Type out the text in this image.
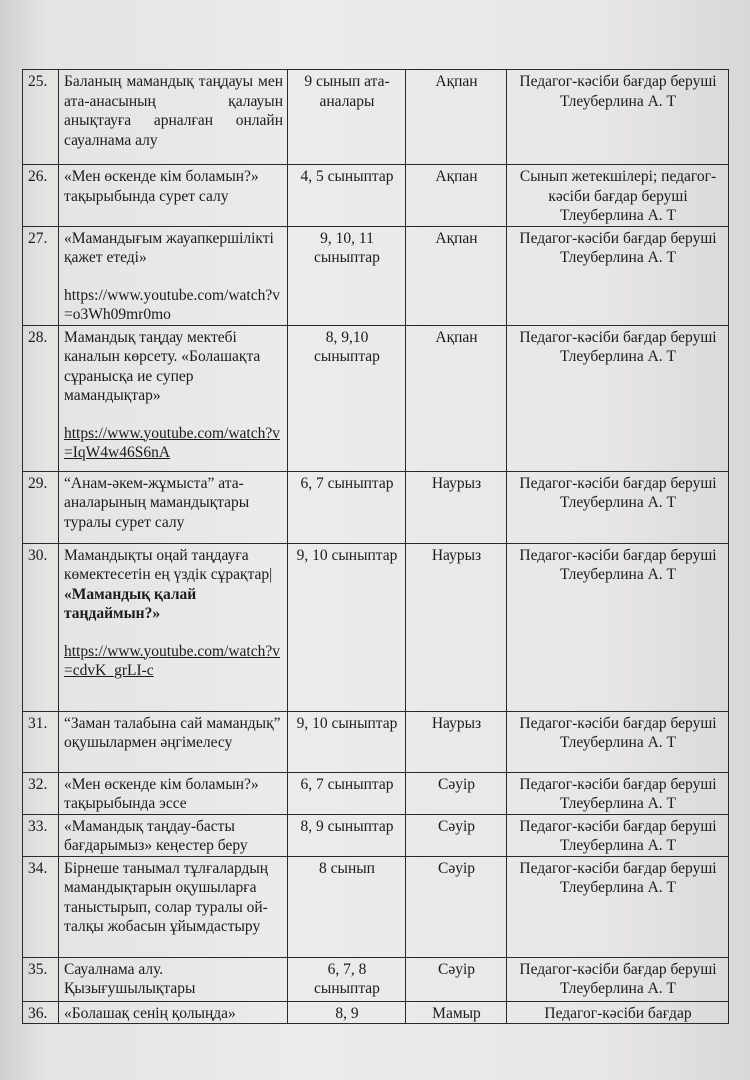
25.	Баланың мамандық таңдауы мен ата-анасының қалауын анықтауға арналған онлайн сауалнама алу	9 сынып ата-аналары	Ақпан	Педагог-кәсіби бағдар беруші Тлеуберлина А. Т
26.	«Мен өскенде кім боламын?» тақырыбында сурет салу	4, 5 сыныптар	Ақпан	Сынып жетекшілері; педагог-кәсіби бағдар беруші Тлеуберлина А. Т
27.	«Мамандығым жауапкершілікті қажет етеді»
https://www.youtube.com/watch?v=o3Wh09mr0mo	9, 10, 11 сыныптар	Ақпан	Педагог-кәсіби бағдар беруші Тлеуберлина А. Т
28.	Мамандық таңдау мектебі каналын көрсету. «Болашақта сұранысқа ие супер мамандықтар»
https://www.youtube.com/watch?v=IqW4w46S6nA	8, 9,10 сыныптар	Ақпан	Педагог-кәсіби бағдар беруші Тлеуберлина А. Т
29.	“Анам-әкем-жұмыста” ата-аналарының мамандықтары туралы сурет салу	6, 7 сыныптар	Наурыз	Педагог-кәсіби бағдар беруші Тлеуберлина А. Т
30.	Мамандықты оңай таңдауға көмектесетін ең үздік сұрақтар| «Мамандық қалай таңдаймын?»
https://www.youtube.com/watch?v=cdvK_grLI-c	9, 10 сыныптар	Наурыз	Педагог-кәсіби бағдар беруші Тлеуберлина А. Т
31.	“Заман талабына сай мамандық” оқушылармен әңгімелесу	9, 10 сыныптар	Наурыз	Педагог-кәсіби бағдар беруші Тлеуберлина А. Т
32.	«Мен өскенде кім боламын?» тақырыбында эссе	6, 7 сыныптар	Сәуір	Педагог-кәсіби бағдар беруші Тлеуберлина А. Т
33.	«Мамандық таңдау-басты бағдарымыз» кеңестер беру	8, 9 сыныптар	Сәуір	Педагог-кәсіби бағдар беруші Тлеуберлина А. Т
34.	Бірнеше танымал тұлғалардың мамандықтарын оқушыларға таныстырып, солар туралы ой-талқы жобасын ұйымдастыру	8 сынып	Сәуір	Педагог-кәсіби бағдар беруші Тлеуберлина А. Т
35.	Сауалнама алу. Қызығушылықтары	6, 7, 8 сыныптар	Сәуір	Педагог-кәсіби бағдар беруші Тлеуберлина А. Т
36.	«Болашақ сенің қолыңда»	8, 9	Мамыр	Педагог-кәсіби бағдар
